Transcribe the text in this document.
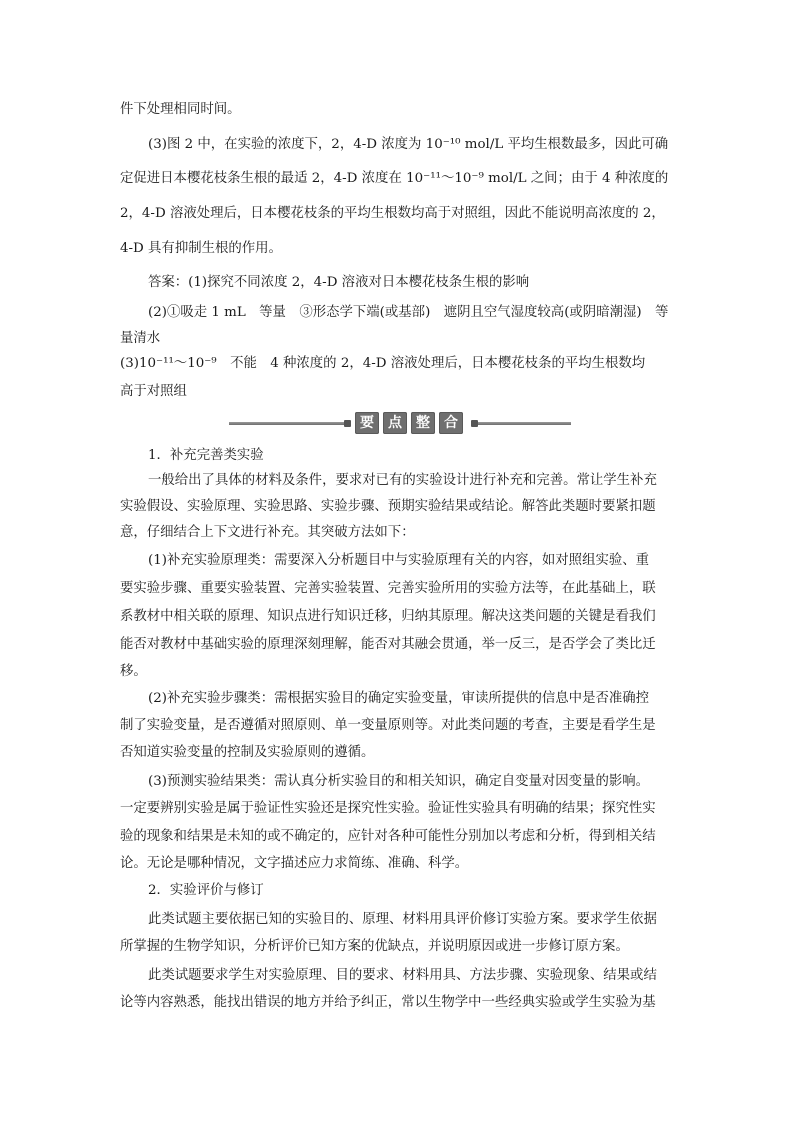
件下处理相同时间。
(3)图 2 中，在实验的浓度下，2，4-D 浓度为 10⁻¹⁰ mol/L 平均生根数最多，因此可确
定促进日本樱花枝条生根的最适 2，4-D 浓度在 10⁻¹¹～10⁻⁹ mol/L 之间；由于 4 种浓度的
2，4-D 溶液处理后，日本樱花枝条的平均生根数均高于对照组，因此不能说明高浓度的 2，
4-D 具有抑制生根的作用。
答案：(1)探究不同浓度 2，4-D 溶液对日本樱花枝条生根的影响
(2)①吸走 1 mL　等量　③形态学下端(或基部)　遮阴且空气湿度较高(或阴暗潮湿)　等
量清水
(3)10⁻¹¹～10⁻⁹　不能　4 种浓度的 2，4-D 溶液处理后，日本樱花枝条的平均生根数均
高于对照组
要	点	整	合
1．补充完善类实验
一般给出了具体的材料及条件，要求对已有的实验设计进行补充和完善。常让学生补充
实验假设、实验原理、实验思路、实验步骤、预期实验结果或结论。解答此类题时要紧扣题
意，仔细结合上下文进行补充。其突破方法如下：
(1)补充实验原理类：需要深入分析题目中与实验原理有关的内容，如对照组实验、重
要实验步骤、重要实验装置、完善实验装置、完善实验所用的实验方法等，在此基础上，联
系教材中相关联的原理、知识点进行知识迁移，归纳其原理。解决这类问题的关键是看我们
能否对教材中基础实验的原理深刻理解，能否对其融会贯通，举一反三，是否学会了类比迁
移。
(2)补充实验步骤类：需根据实验目的确定实验变量，审读所提供的信息中是否准确控
制了实验变量，是否遵循对照原则、单一变量原则等。对此类问题的考查，主要是看学生是
否知道实验变量的控制及实验原则的遵循。
(3)预测实验结果类：需认真分析实验目的和相关知识，确定自变量对因变量的影响。
一定要辨别实验是属于验证性实验还是探究性实验。验证性实验具有明确的结果；探究性实
验的现象和结果是未知的或不确定的，应针对各种可能性分别加以考虑和分析，得到相关结
论。无论是哪种情况，文字描述应力求简练、准确、科学。
2．实验评价与修订
此类试题主要依据已知的实验目的、原理、材料用具评价修订实验方案。要求学生依据
所掌握的生物学知识，分析评价已知方案的优缺点，并说明原因或进一步修订原方案。
此类试题要求学生对实验原理、目的要求、材料用具、方法步骤、实验现象、结果或结
论等内容熟悉，能找出错误的地方并给予纠正，常以生物学中一些经典实验或学生实验为基
